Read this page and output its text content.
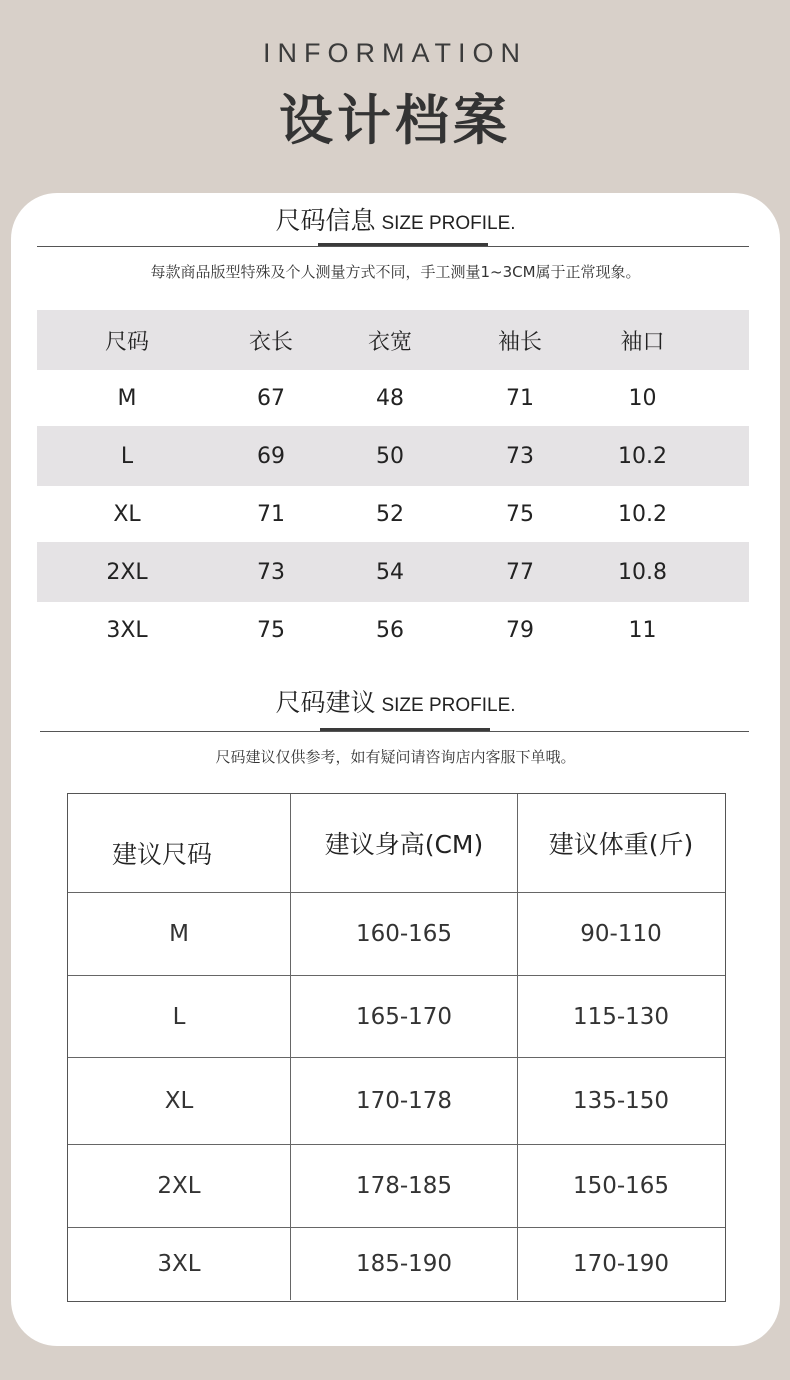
INFORMATION
设计档案
尺码信息 SIZE PROFILE.
每款商品版型特殊及个人测量方式不同，手工测量1~3CM属于正常现象。
尺码	衣长	衣宽	袖长	袖口
M	67	48	71	10
L	69	50	73	10.2
XL	71	52	75	10.2
2XL	73	54	77	10.8
3XL	75	56	79	11
尺码建议 SIZE PROFILE.
尺码建议仅供参考，如有疑问请咨询店内客服下单哦。
建议尺码	建议身高(CM)	建议体重(斤)
M	160-165	90-110
L	165-170	115-130
XL	170-178	135-150
2XL	178-185	150-165
3XL	185-190	170-190
